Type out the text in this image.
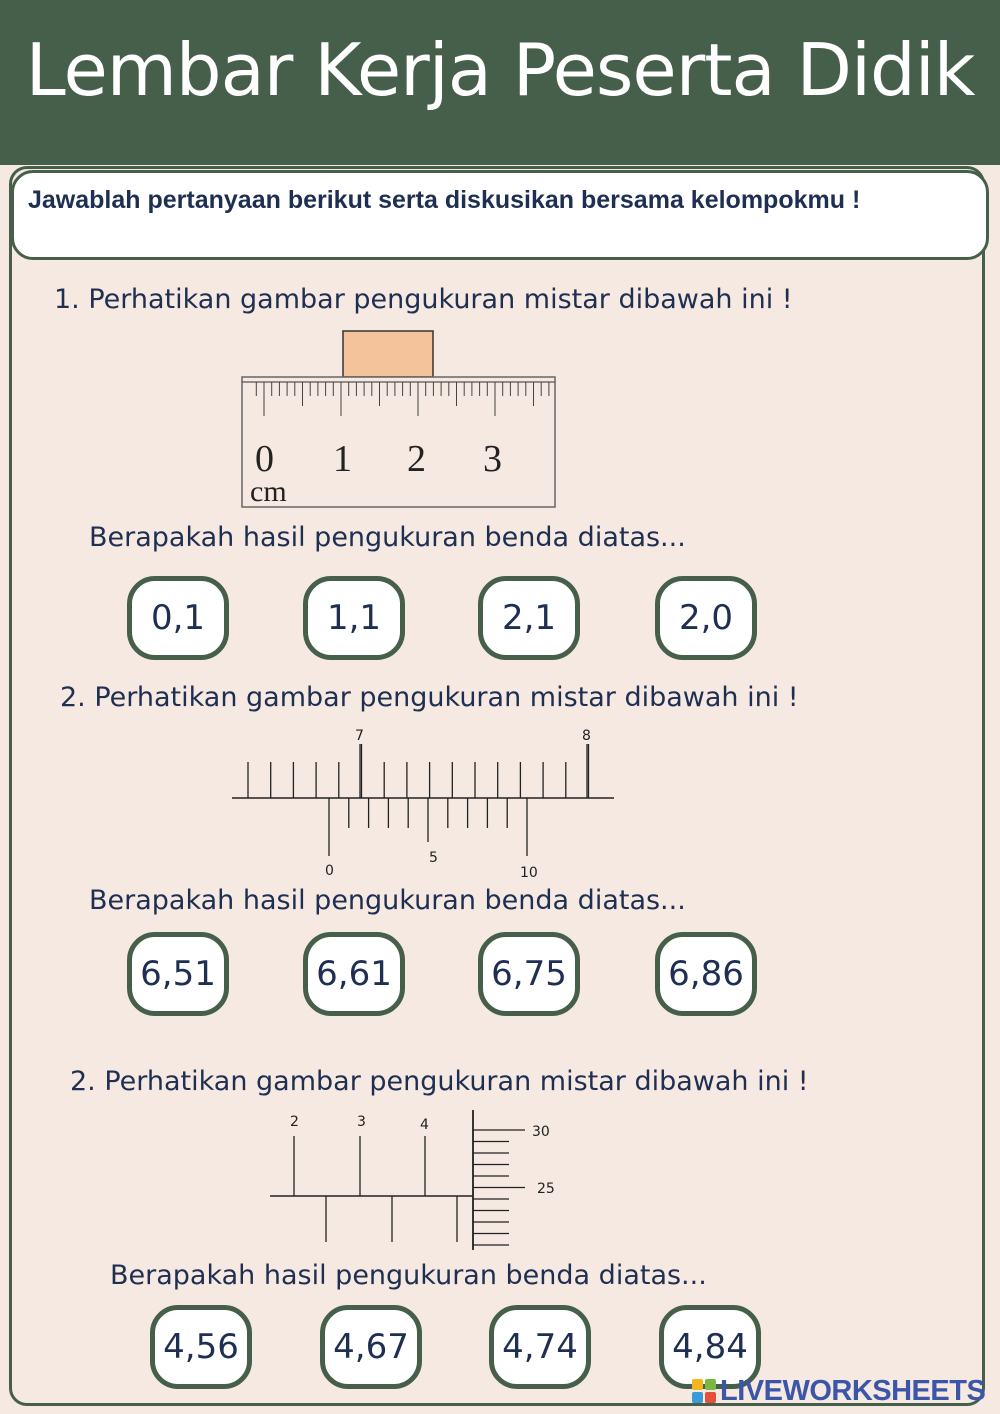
Lembar Kerja Peserta Didik
Jawablah pertanyaan berikut serta diskusikan bersama kelompokmu !
1. Perhatikan gambar pengukuran mistar dibawah ini !
0 1 2 3
cm
Berapakah hasil pengukuran benda diatas...
0,1	1,1	2,1	2,0
2. Perhatikan gambar pengukuran mistar dibawah ini !
7	8
0
5
10
Berapakah hasil pengukuran benda diatas...
6,51	6,61	6,75	6,86
2. Perhatikan gambar pengukuran mistar dibawah ini !
2	3	4	30
25
Berapakah hasil pengukuran benda diatas...
4,56	4,67	4,74	4,84
LIVEWORKSHEETS
